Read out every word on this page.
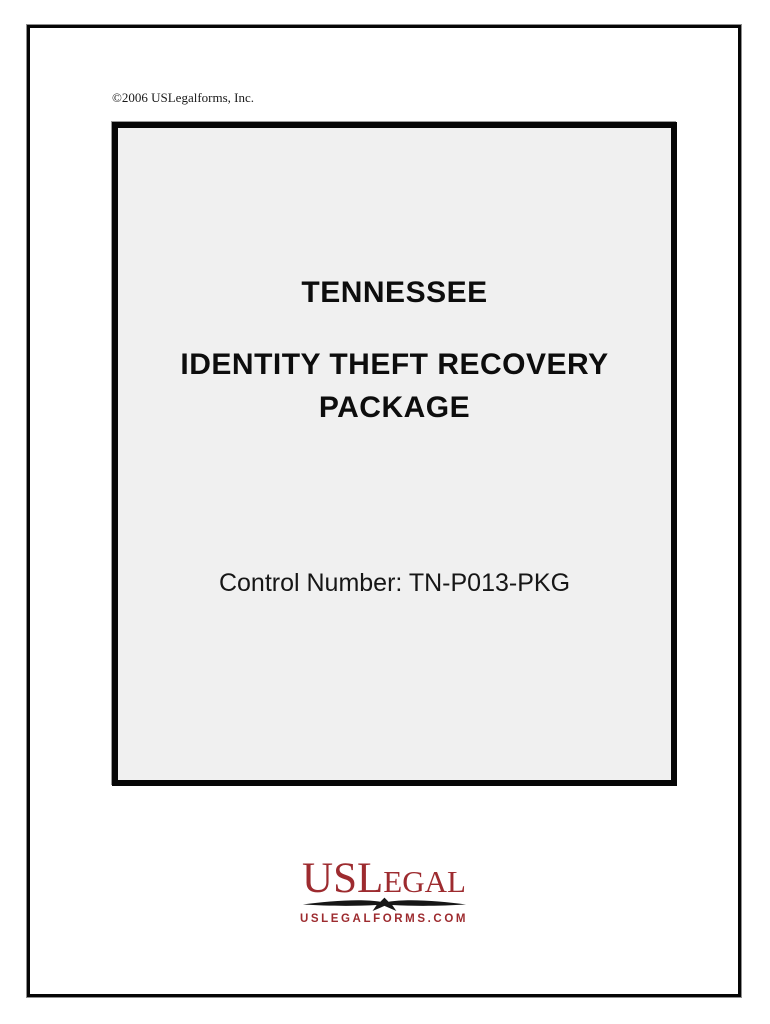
©2006 USLegalforms, Inc.
TENNESSEE
IDENTITY THEFT RECOVERY PACKAGE
Control Number: TN-P013-PKG
USLEGAL
USLEGALFORMS.COM
